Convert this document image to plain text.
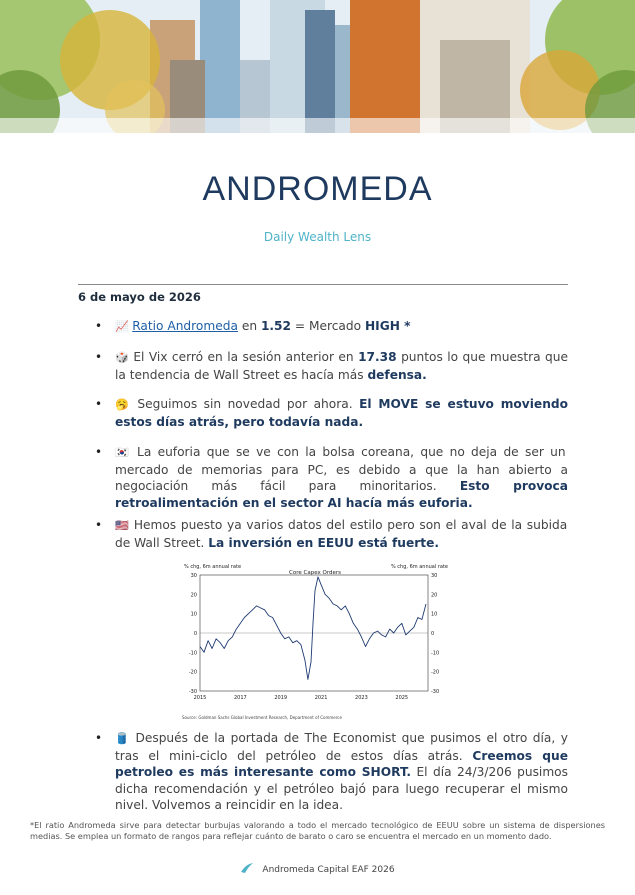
ANDROMEDA
Daily Wealth Lens
6 de mayo de 2026
• 📈 Ratio Andromeda en 1.52 = Mercado HIGH *
• 🎲 El Vix cerró en la sesión anterior en 17.38 puntos lo que muestra que la tendencia de Wall Street es hacía más defensa.
• 🥱 Seguimos sin novedad por ahora. El MOVE se estuvo moviendo estos días atrás, pero todavía nada.
• 🇰🇷 La euforia que se ve con la bolsa coreana, que no deja de ser un mercado de memorias para PC, es debido a que la han abierto a negociación más fácil para minoritarios. Esto provoca retroalimentación en el sector AI hacía más euforia.
• 🇺🇸 Hemos puesto ya varios datos del estilo pero son el aval de la subida de Wall Street. La inversión en EEUU está fuerte.
• 🛢️ Después de la portada de The Economist que pusimos el otro día, y tras el mini-ciclo del petróleo de estos días atrás. Creemos que petroleo es más interesante como SHORT. El día 24/3/206 pusimos dicha recomendación y el petróleo bajó para luego recuperar el mismo nivel. Volvemos a reincidir en la idea.
Core Capex Orders
% chg, 6m annual rate	% chg, 6m annual rate
Source: Goldman Sachs Global Investment Research, Department of Commerce
30	30
20	20
10	10
0	0
-10	-10
-20	-20
-30	-30
2015	2017	2019	2021	2023	2025
*El ratio Andromeda sirve para detectar burbujas valorando a todo el mercado tecnológico de EEUU sobre un sistema de dispersiones medias. Se emplea un formato de rangos para reflejar cuánto de barato o caro se encuentra el mercado en un momento dado.
Andromeda Capital EAF 2026
